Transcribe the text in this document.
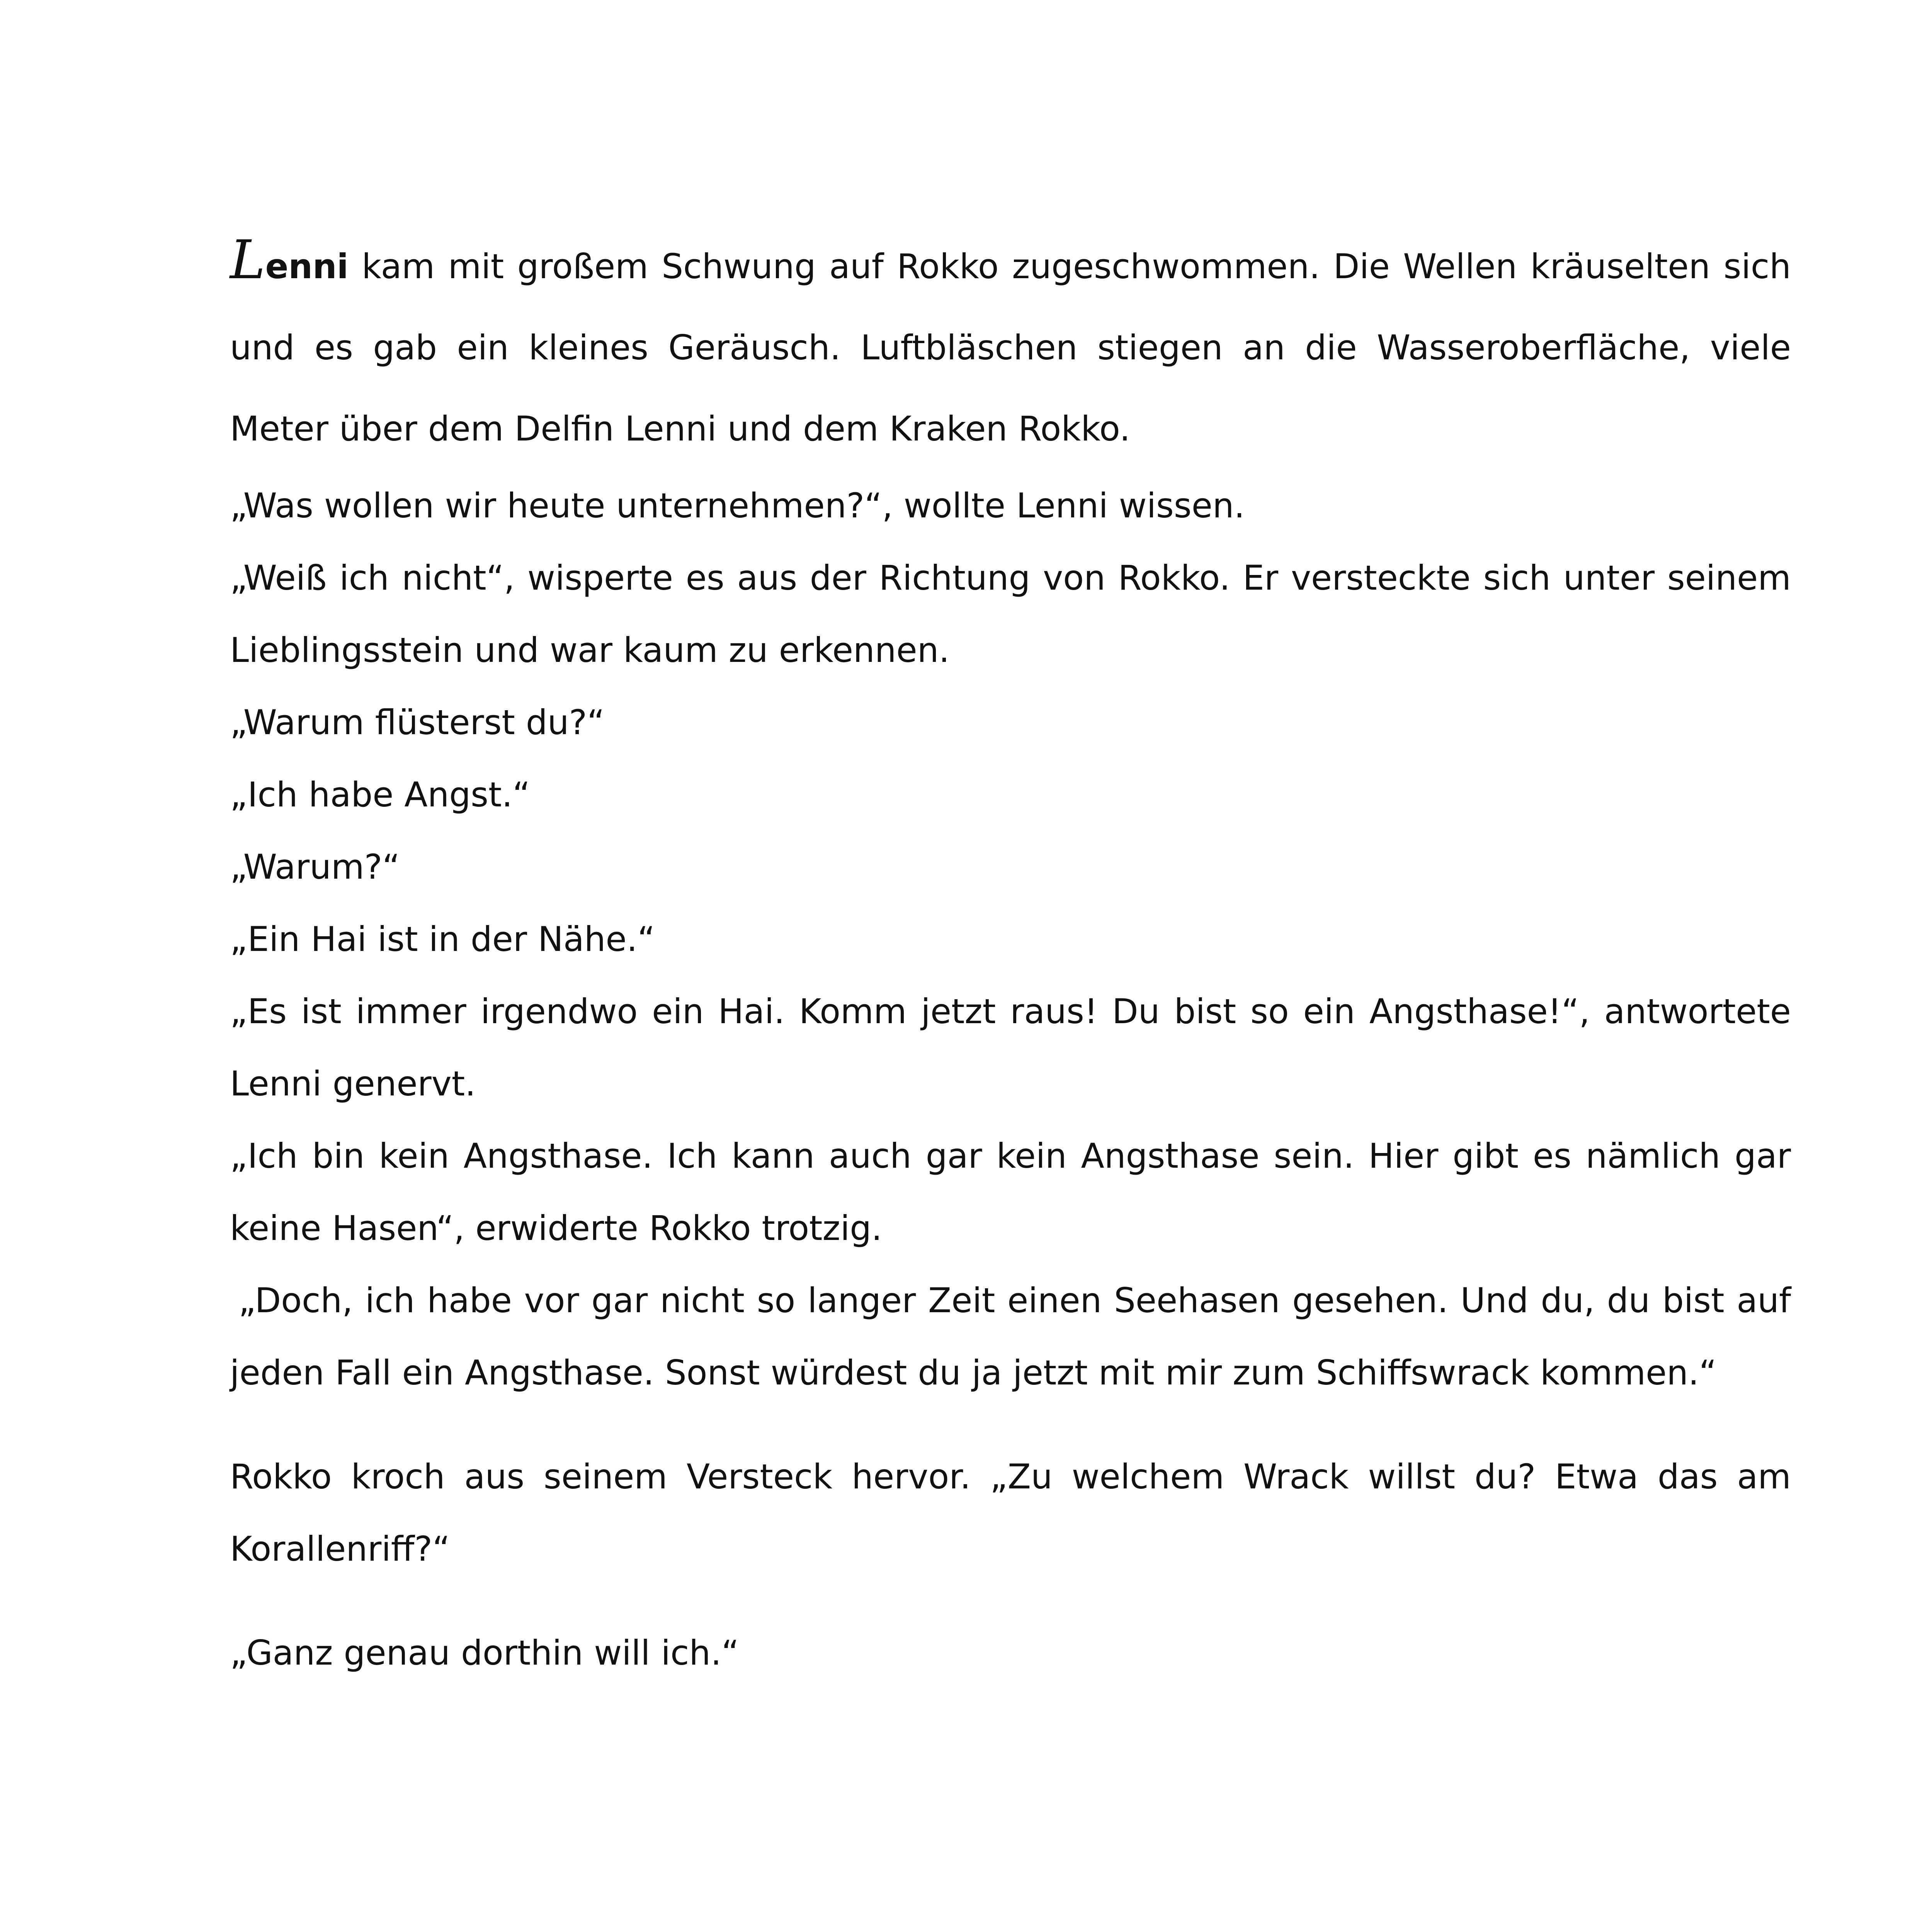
Lenni kam mit großem Schwung auf Rokko zugeschwommen. Die Wellen kräuselten sich und es gab ein kleines Geräusch. Luftbläschen stiegen an die Wasseroberfläche, viele Meter über dem Delfin Lenni und dem Kraken Rokko.

„Was wollen wir heute unternehmen?“, wollte Lenni wissen.

„Weiß ich nicht“, wisperte es aus der Richtung von Rokko. Er versteckte sich unter seinem Lieblingsstein und war kaum zu erkennen.

„Warum flüsterst du?“

„Ich habe Angst.“

„Warum?“

„Ein Hai ist in der Nähe.“

„Es ist immer irgendwo ein Hai. Komm jetzt raus! Du bist so ein Angsthase!“, antwortete Lenni genervt.

„Ich bin kein Angsthase. Ich kann auch gar kein Angsthase sein. Hier gibt es nämlich gar keine Hasen“, erwiderte Rokko trotzig.

„Doch, ich habe vor gar nicht so langer Zeit einen Seehasen gesehen. Und du, du bist auf jeden Fall ein Angsthase. Sonst würdest du ja jetzt mit mir zum Schiffswrack kommen.“

Rokko kroch aus seinem Versteck hervor. „Zu welchem Wrack willst du? Etwa das am Korallenriff?“

„Ganz genau dorthin will ich.“
